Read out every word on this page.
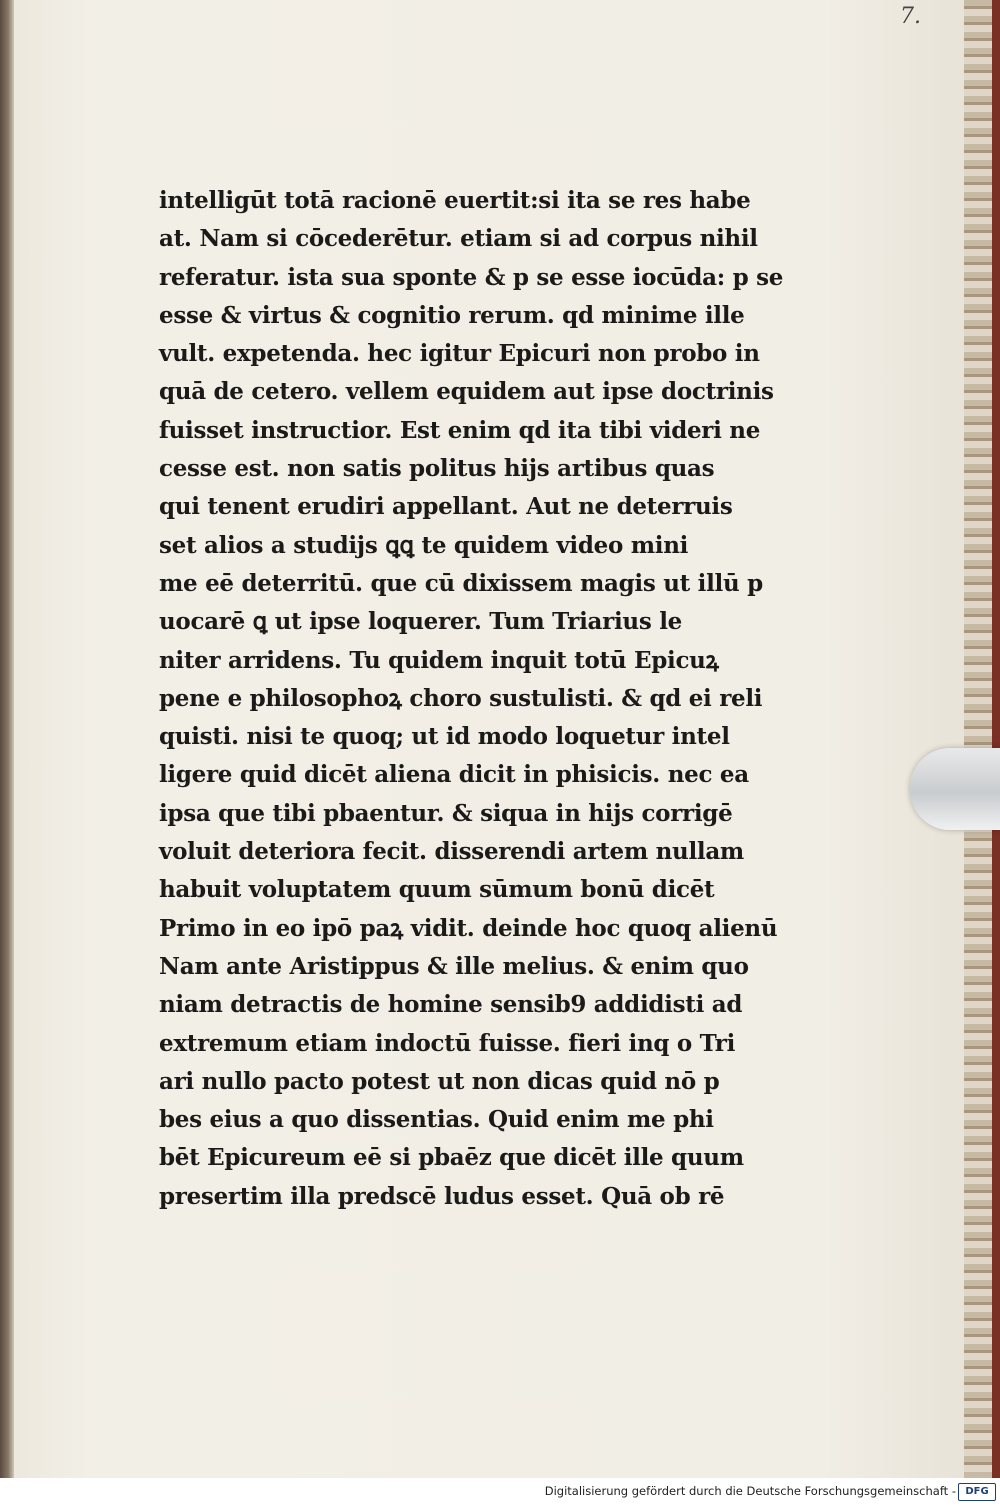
intelligūt totā racionē euertit:si ita se res habe
at. Nam si cōcederētur. etiam si ad corpus nihil
referatur. ista sua sponte & p se esse iocūda: p se
esse & virtus & cognitio rerum. qd minime ille
vult. expetenda. hec igitur Epicuri non probo in
quā de cetero. vellem equidem aut ipse doctrinis
fuisset instructior. Est enim qd ita tibi videri ne
cesse est. non satis politus hijs artibus quas
qui tenent erudiri appellant. Aut ne deterruis
set alios a studijs ꝗꝗ te quidem video mini
me eē deterritū. que cū dixissem magis ut illū p
uocarē ꝗ ut ipse loquerer. Tum Triarius le
niter arridens. Tu quidem inquit totū Epicuꝝ
pene e philosophoꝝ choro sustulisti. & qd ei reli
quisti. nisi te quoq; ut id modo loquetur intel
ligere quid dicēt aliena dicit in phisicis. nec ea
ipsa que tibi pbaentur. & siqua in hijs corrigē
voluit deteriora fecit. disserendi artem nullam
habuit voluptatem quum sūmum bonū dicēt
Primo in eo ipō paꝝ vidit. deinde hoc quoq alienū
Nam ante Aristippus & ille melius. & enim quo
niam detractis de homine sensib9 addidisti ad
extremum etiam indoctū fuisse. fieri inq o Tri
ari nullo pacto potest ut non dicas quid nō p
bes eius a quo dissentias. Quid enim me phi
bēt Epicureum eē si pbaēz que dicēt ille quum
presertim illa predscē ludus esset. Quā ob rē
7.
Digitalisierung gefördert durch die Deutsche Forschungsgemeinschaft - DFG
